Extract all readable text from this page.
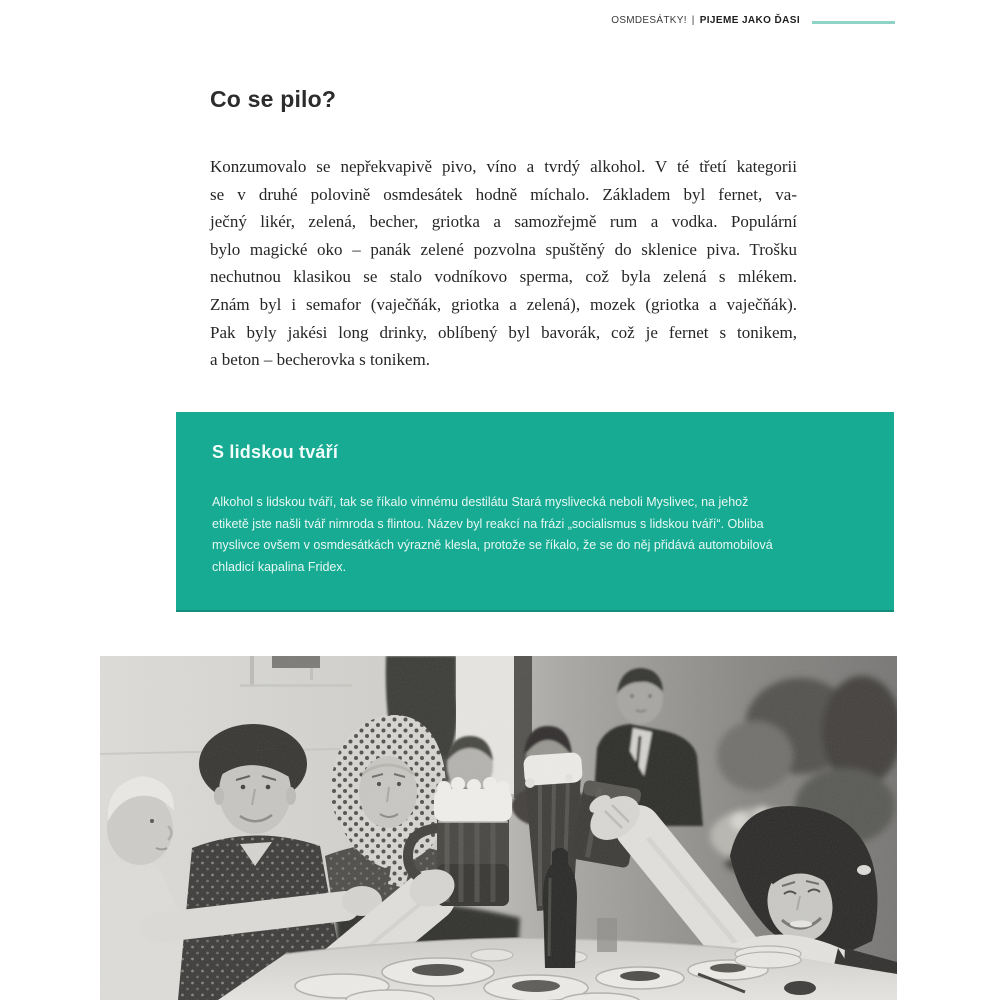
OSMDESÁTKY! | PIJEME JAKO ĎASI
Co se pilo?
Konzumovalo se nepřekvapivě pivo, víno a tvrdý alkohol. V té třetí kategorii
se v druhé polovině osmdesátek hodně míchalo. Základem byl fernet, va-
ječný likér, zelená, becher, griotka a samozřejmě rum a vodka. Populární
bylo magické oko – panák zelené pozvolna spuštěný do sklenice piva. Trošku
nechutnou klasikou se stalo vodníkovo sperma, což byla zelená s mlékem.
Znám byl i semafor (vaječňák, griotka a zelená), mozek (griotka a vaječňák).
Pak byly jakési long drinky, oblíbený byl bavorák, což je fernet s tonikem,
a beton – becherovka s tonikem.
S lidskou tváří
Alkohol s lidskou tváří, tak se říkalo vinnému destilátu Stará myslivecká neboli Myslivec, na jehož
etiketě jste našli tvář nimroda s flintou. Název byl reakcí na frázi „socialismus s lidskou tváří“. Obliba
myslivce ovšem v osmdesátkách výrazně klesla, protože se říkalo, že se do něj přidává automobilová
chladicí kapalina Fridex.
